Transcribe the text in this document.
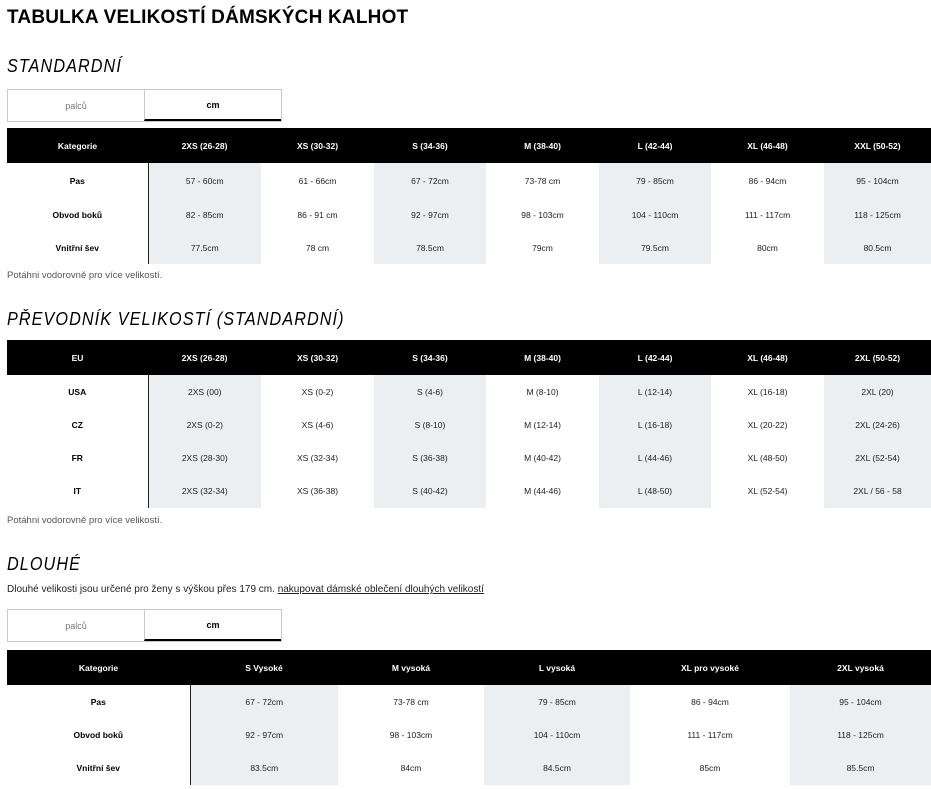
TABULKA VELIKOSTÍ DÁMSKÝCH KALHOT
STANDARDNÍ
palců	cm
Kategorie	2XS (26-28)	XS (30-32)	S (34-36)	M (38-40)	L (42-44)	XL (46-48)	XXL (50-52)
Pas	57 - 60cm	61 - 66cm	67 - 72cm	73-78 cm	79 - 85cm	86 - 94cm	95 - 104cm
Obvod boků	82 - 85cm	86 - 91 cm	92 - 97cm	98 - 103cm	104 - 110cm	111 - 117cm	118 - 125cm
Vnitřní šev	77.5cm	78 cm	78.5cm	79cm	79.5cm	80cm	80.5cm
Potáhni vodorovně pro více velikostí.
PŘEVODNÍK VELIKOSTÍ (STANDARDNÍ)
EU	2XS (26-28)	XS (30-32)	S (34-36)	M (38-40)	L (42-44)	XL (46-48)	2XL (50-52)
USA	2XS (00)	XS (0-2)	S (4-6)	M (8-10)	L (12-14)	XL (16-18)	2XL (20)
CZ	2XS (0-2)	XS (4-6)	S (8-10)	M (12-14)	L (16-18)	XL (20-22)	2XL (24-26)
FR	2XS (28-30)	XS (32-34)	S (36-38)	M (40-42)	L (44-46)	XL (48-50)	2XL (52-54)
IT	2XS (32-34)	XS (36-38)	S (40-42)	M (44-46)	L (48-50)	XL (52-54)	2XL / 56 - 58
Potáhni vodorovně pro více velikostí.
DLOUHÉ
Dlouhé velikosti jsou určené pro ženy s výškou přes 179 cm. nakupovat dámské oblečení dlouhých velikostí
palců	cm
Kategorie	S Vysoké	M vysoká	L vysoká	XL pro vysoké	2XL vysoká
Pas	67 - 72cm	73-78 cm	79 - 85cm	86 - 94cm	95 - 104cm
Obvod boků	92 - 97cm	98 - 103cm	104 - 110cm	111 - 117cm	118 - 125cm
Vnitřní šev	83.5cm	84cm	84.5cm	85cm	85.5cm
